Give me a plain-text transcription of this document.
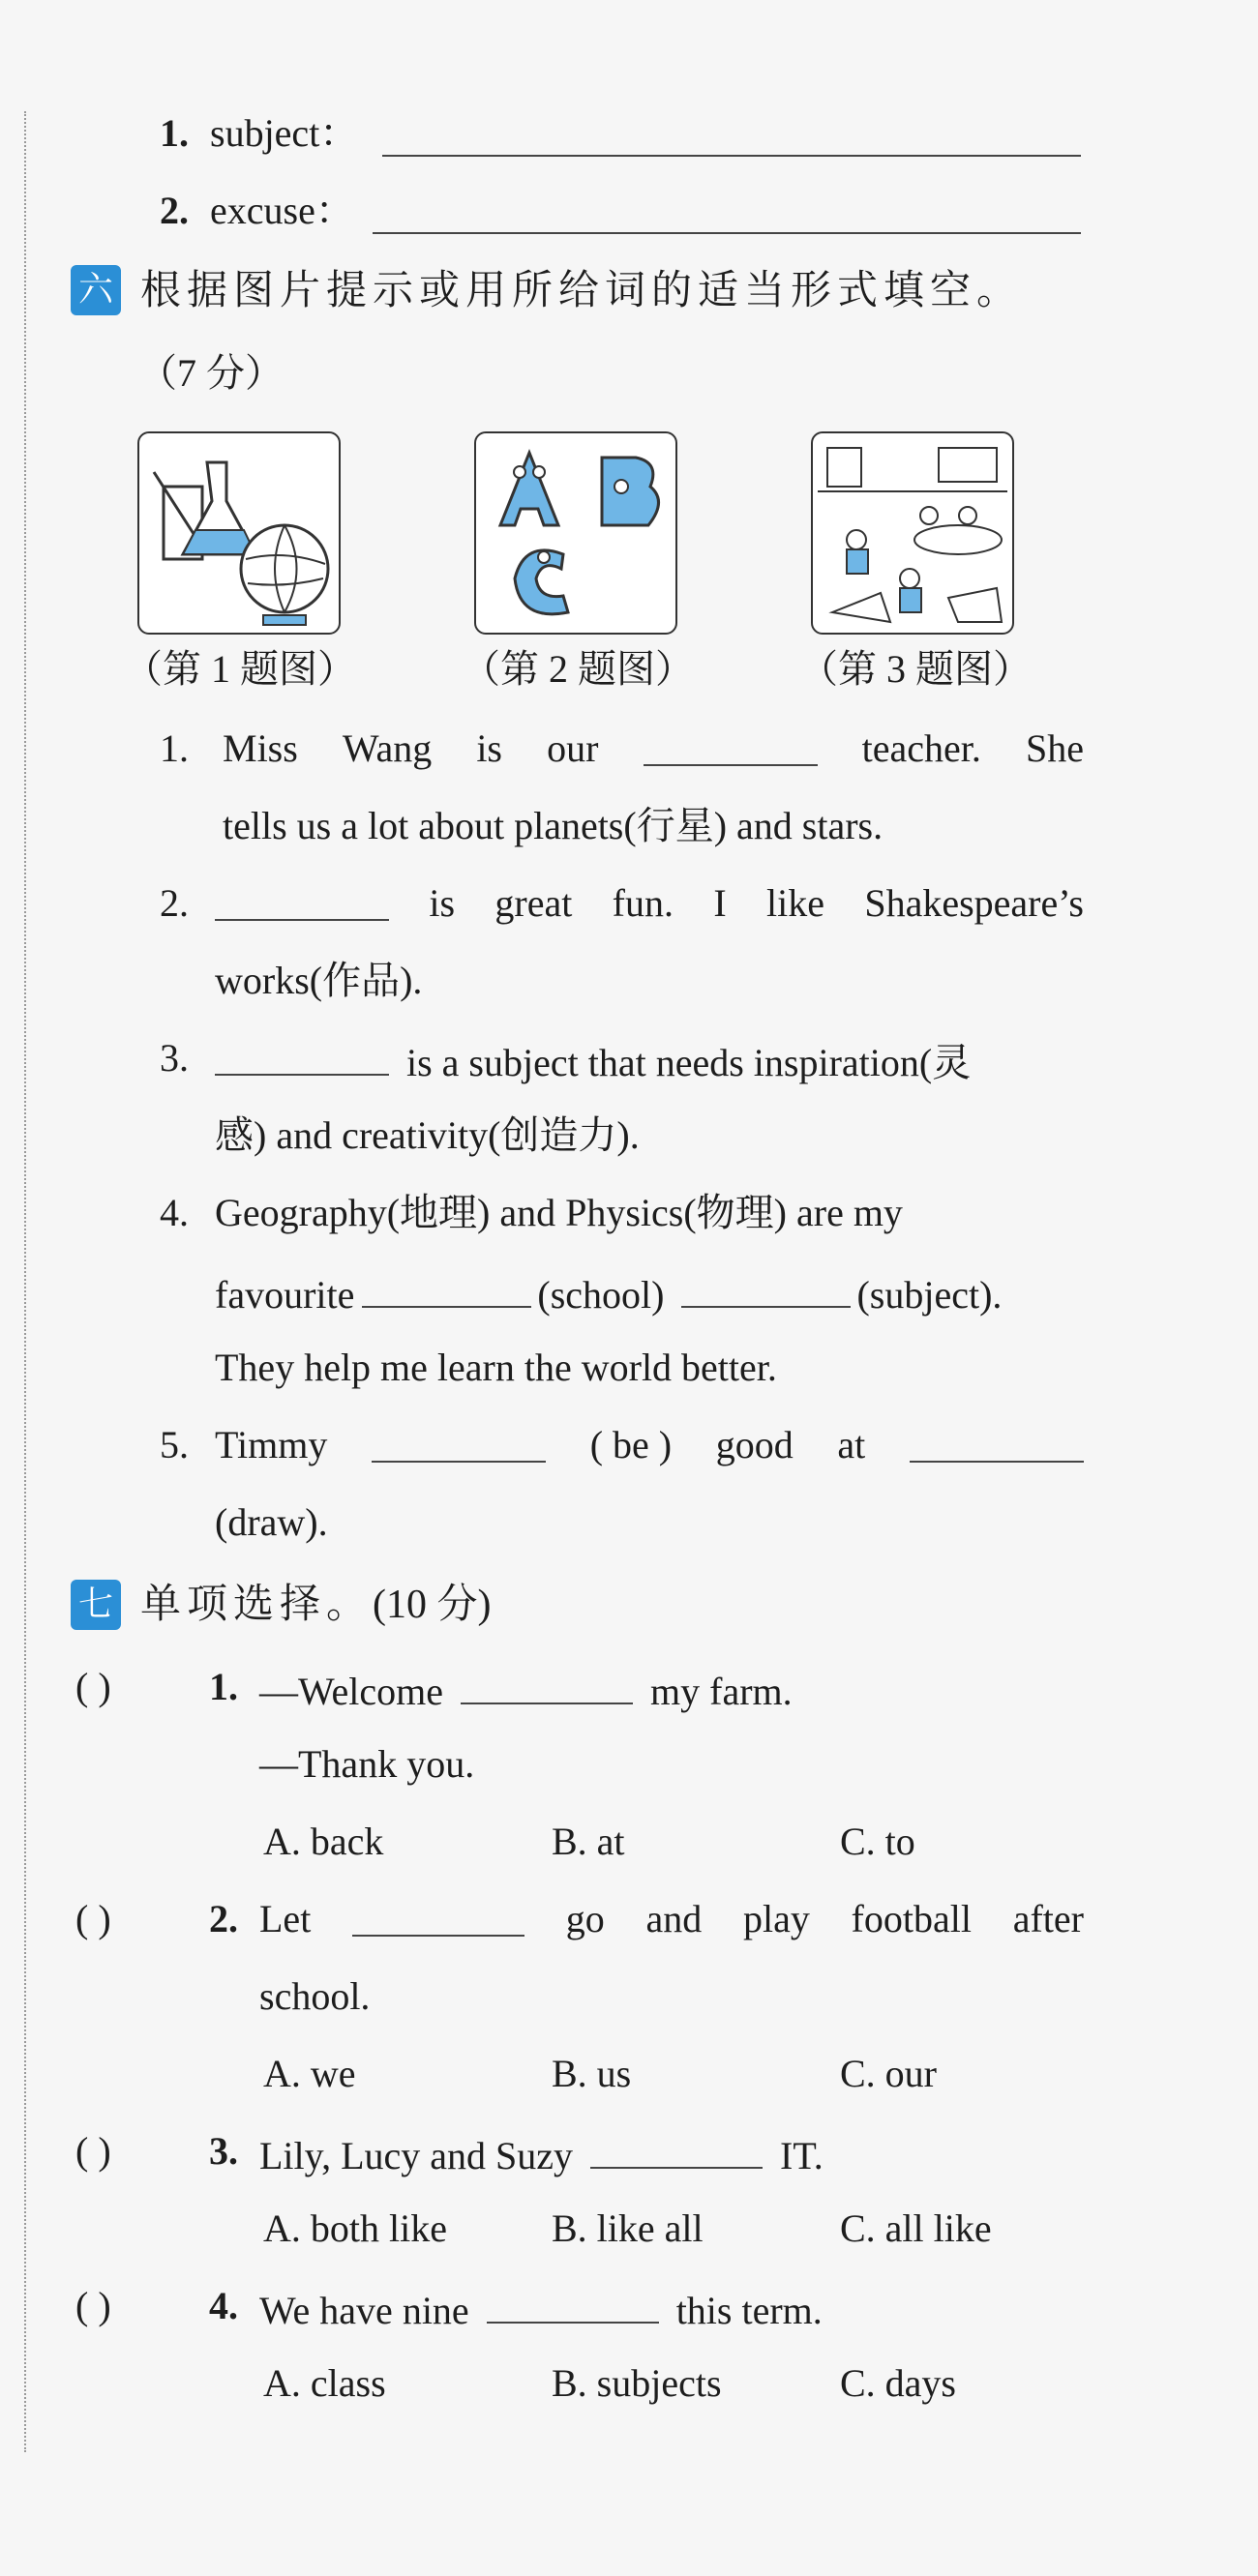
1. subject：
2. excuse：
六 根据图片提示或用所给词的适当形式填空。
（7 分）
（第 1 题图）	（第 2 题图）	（第 3 题图）
1. Miss Wang is our	teacher. She
tells us a lot about planets(行星) and stars.
2.	is great fun. I like Shakespeare’s
works(作品).
3.	is a subject that needs inspiration(灵
感) and creativity(创造力).
4. Geography(地理) and Physics(物理) are my
favourite	(school)	(subject).
They help me learn the world better.
5. Timmy	( be ) good at
(draw).
七 单项选择。(10 分)
( )	1. —Welcome	my farm.
—Thank you.
A. back	B. at	C. to
( )	2. Let	go and play football after
school.
A. we	B. us	C. our
( )	3. Lily, Lucy and Suzy	IT.
A. both like	B. like all	C. all like
( )	4. We have nine	this term.
A. class	B. subjects	C. days
